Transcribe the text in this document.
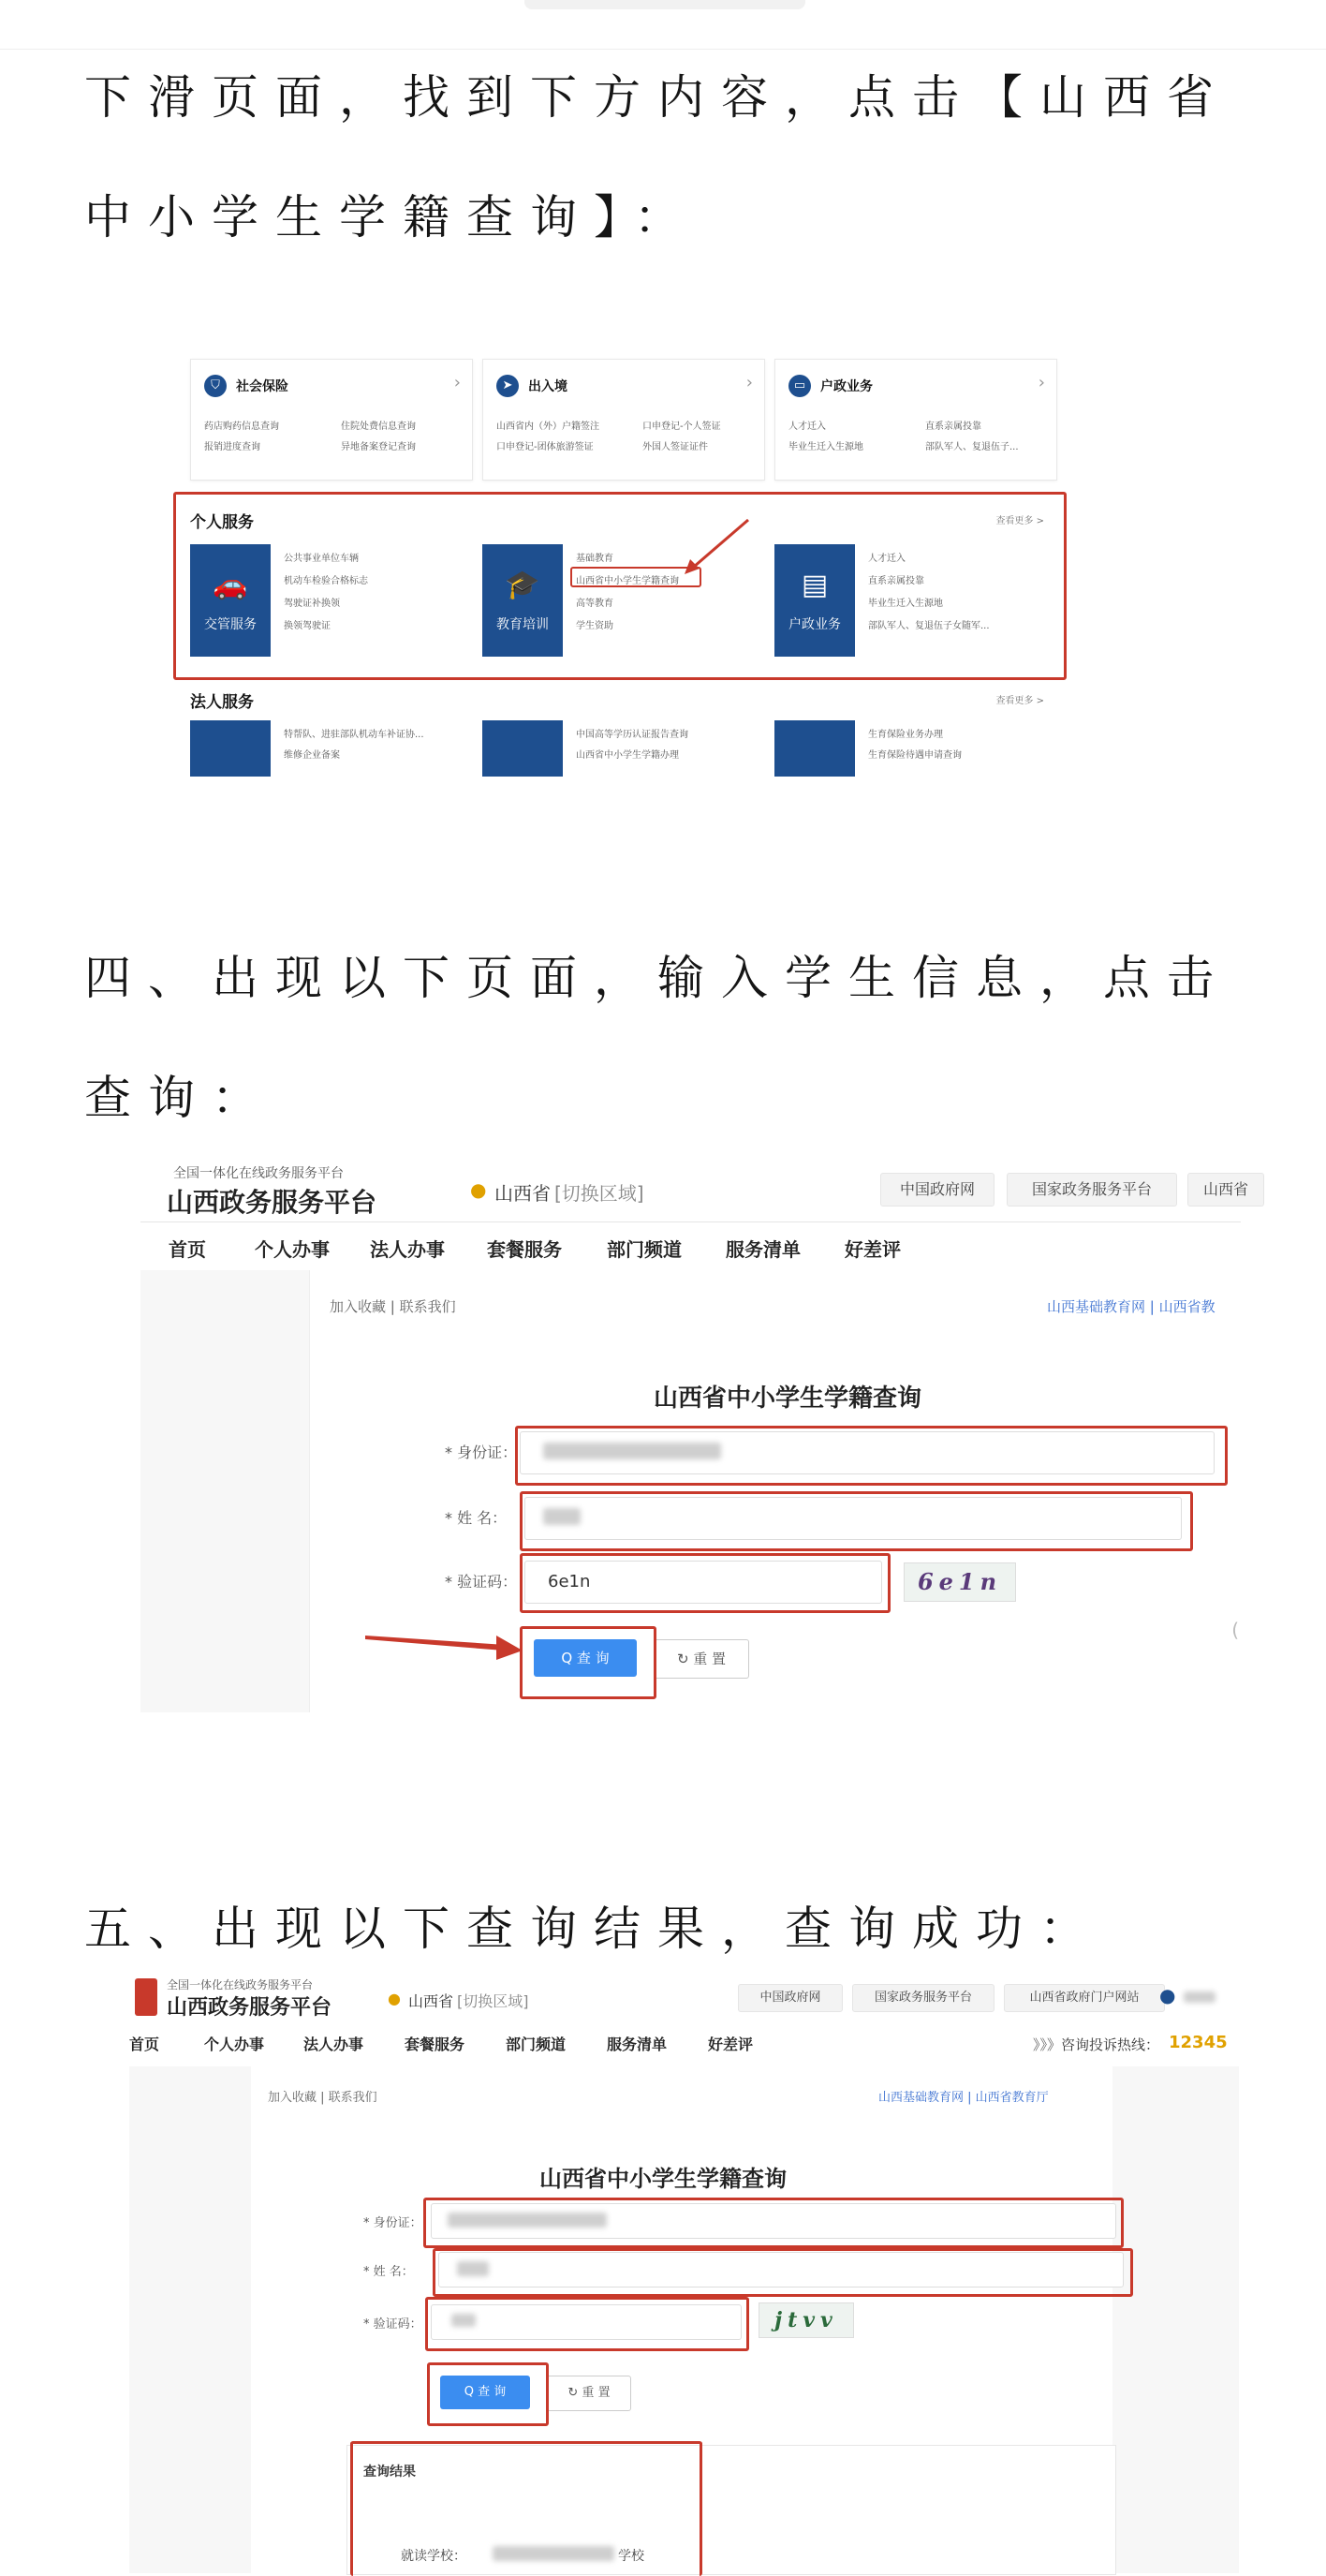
下滑页面，找到下方内容，点击【山西省中小学生学籍查询】：
⛉	社会保险	›
药店购药信息查询	住院处费信息查询
报销进度查询	异地备案登记查询
➤	出入境	›
山西省内（外）户籍签注	口申登记-个人签证
口申登记-团体旅游签证	外国人签证证件
▭	户政业务	›
人才迁入	直系亲属投靠
毕业生迁入生源地	部队军人、复退伍子...
个人服务	查看更多 >
🚗
交管服务
公共事业单位车辆
机动车检验合格标志
驾驶证补换领
换领驾驶证
🎓
教育培训
基础教育
山西省中小学生学籍查询
高等教育
学生资助
▤
户政业务
人才迁入
直系亲属投靠
毕业生迁入生源地
部队军人、复退伍子女随军...
法人服务	查看更多 >
特帮队、进驻部队机动车补证协...
维修企业备案
中国高等学历认证报告查询
山西省中小学生学籍办理
生育保险业务办理
生育保险待遇申请查询
四、出现以下页面，输入学生信息，点击查询：
全国一体化在线政务服务平台
山西政务服务平台	● 山西省 [切换区域]	中国政府网	国家政务服务平台	山西省
首页	个人办事 法人办事 套餐服务 部门频道 服务清单 好差评
加入收藏 | 联系我们	山西基础教育网 | 山西省教
山西省中小学生学籍查询
* 身份证：
* 姓 名：
* 验证码： 6e1n	6e1n
Q 查 询	↻ 重 置
(
五、出现以下查询结果，查询成功：
全国一体化在线政务服务平台
山西政务服务平台	● 山西省 [切换区域]	中国政府网	国家政务服务平台	山西省政府门户网站	●
首页	个人办事	法人办事	套餐服务	部门频道	服务清单	好差评	》》》咨询投诉热线： 12345
加入收藏 | 联系我们	山西基础教育网 | 山西省教育厅
山西省中小学生学籍查询
* 身份证：
* 姓 名：
* 验证码：	jtvv
Q 查 询	↻ 重 置
查询结果
就读学校：	学校
